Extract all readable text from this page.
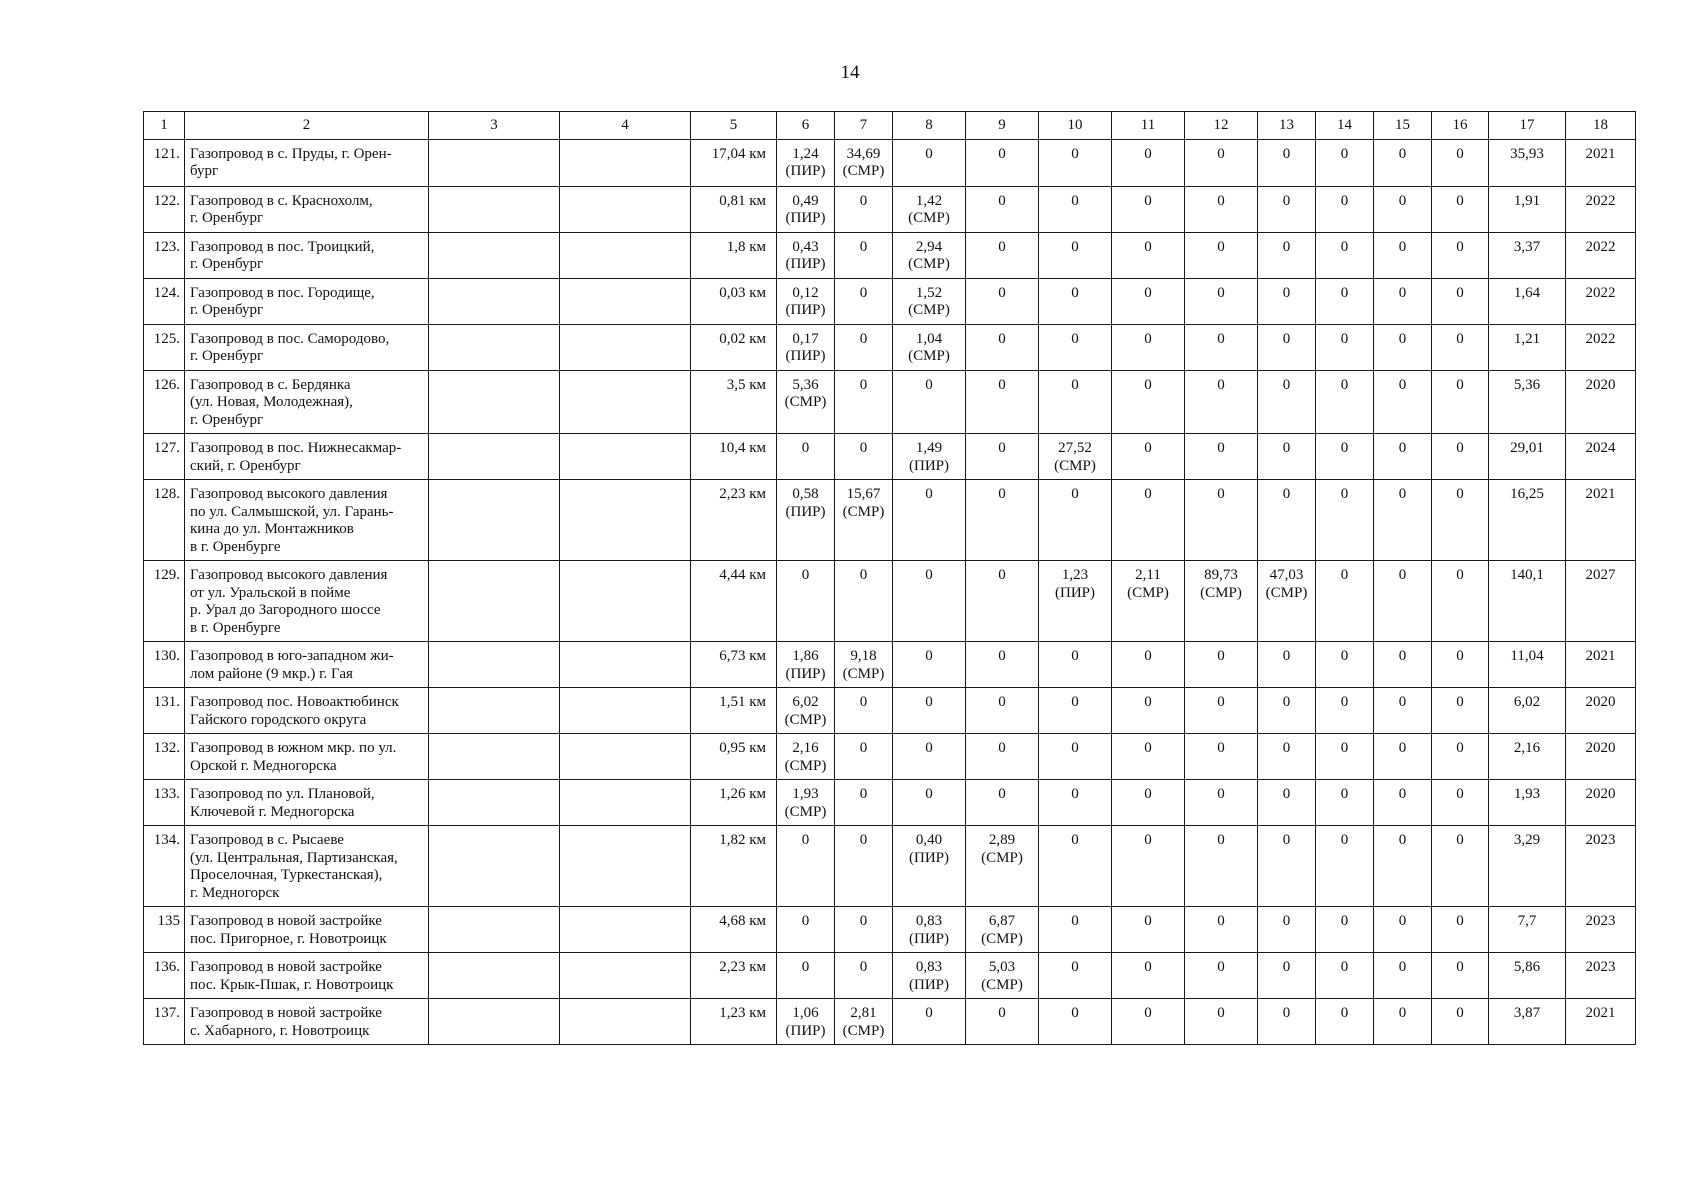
14
1	2	3	4	5	6	7	8	9	10	11	12	13	14	15	16	17	18

121.	Газопровод в с. Пруды, г. Орен-
бург			17,04 км	1,24
(ПИР)	34,69
(СМР)	0	0	0	0	0	0	0	0	0	35,93	2021

122.	Газопровод в с. Краснохолм,
г. Оренбург			0,81 км	0,49
(ПИР)	0	1,42
(СМР)	0	0	0	0	0	0	0	0	1,91	2022

123.	Газопровод в пос. Троицкий,
г. Оренбург			1,8 км	0,43
(ПИР)	0	2,94
(СМР)	0	0	0	0	0	0	0	0	3,37	2022

124.	Газопровод в пос. Городище,
г. Оренбург			0,03 км	0,12
(ПИР)	0	1,52
(СМР)	0	0	0	0	0	0	0	0	1,64	2022

125.	Газопровод в пос. Самородово,
г. Оренбург			0,02 км	0,17
(ПИР)	0	1,04
(СМР)	0	0	0	0	0	0	0	0	1,21	2022

126.	Газопровод в с. Бердянка
(ул. Новая, Молодежная),
г. Оренбург			3,5 км	5,36
(СМР)	0	0	0	0	0	0	0	0	0	0	5,36	2020

127.	Газопровод в пос. Нижнесакмар-
ский, г. Оренбург			10,4 км	0	0	1,49
(ПИР)	0	27,52
(СМР)	0	0	0	0	0	0	29,01	2024

128.	Газопровод высокого давления
по ул. Салмышской, ул. Гарань-
кина до ул. Монтажников
в г. Оренбурге			2,23 км	0,58
(ПИР)	15,67
(СМР)	0	0	0	0	0	0	0	0	0	16,25	2021

129.	Газопровод высокого давления
от ул. Уральской в пойме
р. Урал до Загородного шоссе
в г. Оренбурге			4,44 км	0	0	0	0	1,23
(ПИР)	2,11
(СМР)	89,73
(СМР)	47,03
(СМР)	0	0	0	140,1	2027

130.	Газопровод в юго-западном жи-
лом районе (9 мкр.) г. Гая			6,73 км	1,86
(ПИР)	9,18
(СМР)	0	0	0	0	0	0	0	0	0	11,04	2021

131.	Газопровод пос. Новоактюбинск
Гайского городского округа			1,51 км	6,02
(СМР)	0	0	0	0	0	0	0	0	0	0	6,02	2020

132.	Газопровод в южном мкр. по ул.
Орской г. Медногорска			0,95 км	2,16
(СМР)	0	0	0	0	0	0	0	0	0	0	2,16	2020

133.	Газопровод по ул. Плановой,
Ключевой г. Медногорска			1,26 км	1,93
(СМР)	0	0	0	0	0	0	0	0	0	0	1,93	2020

134.	Газопровод в с. Рысаеве
(ул. Центральная, Партизанская,
Проселочная, Туркестанская),
г. Медногорск			1,82 км	0	0	0,40
(ПИР)	2,89
(СМР)	0	0	0	0	0	0	0	3,29	2023

135	Газопровод в новой застройке
пос. Пригорное, г. Новотроицк			4,68 км	0	0	0,83
(ПИР)	6,87
(СМР)	0	0	0	0	0	0	0	7,7	2023

136.	Газопровод в новой застройке
пос. Крык-Пшак, г. Новотроицк			2,23 км	0	0	0,83
(ПИР)	5,03
(СМР)	0	0	0	0	0	0	0	5,86	2023

137.	Газопровод в новой застройке
с. Хабарного, г. Новотроицк			1,23 км	1,06
(ПИР)	2,81
(СМР)	0	0	0	0	0	0	0	0	0	3,87	2021
